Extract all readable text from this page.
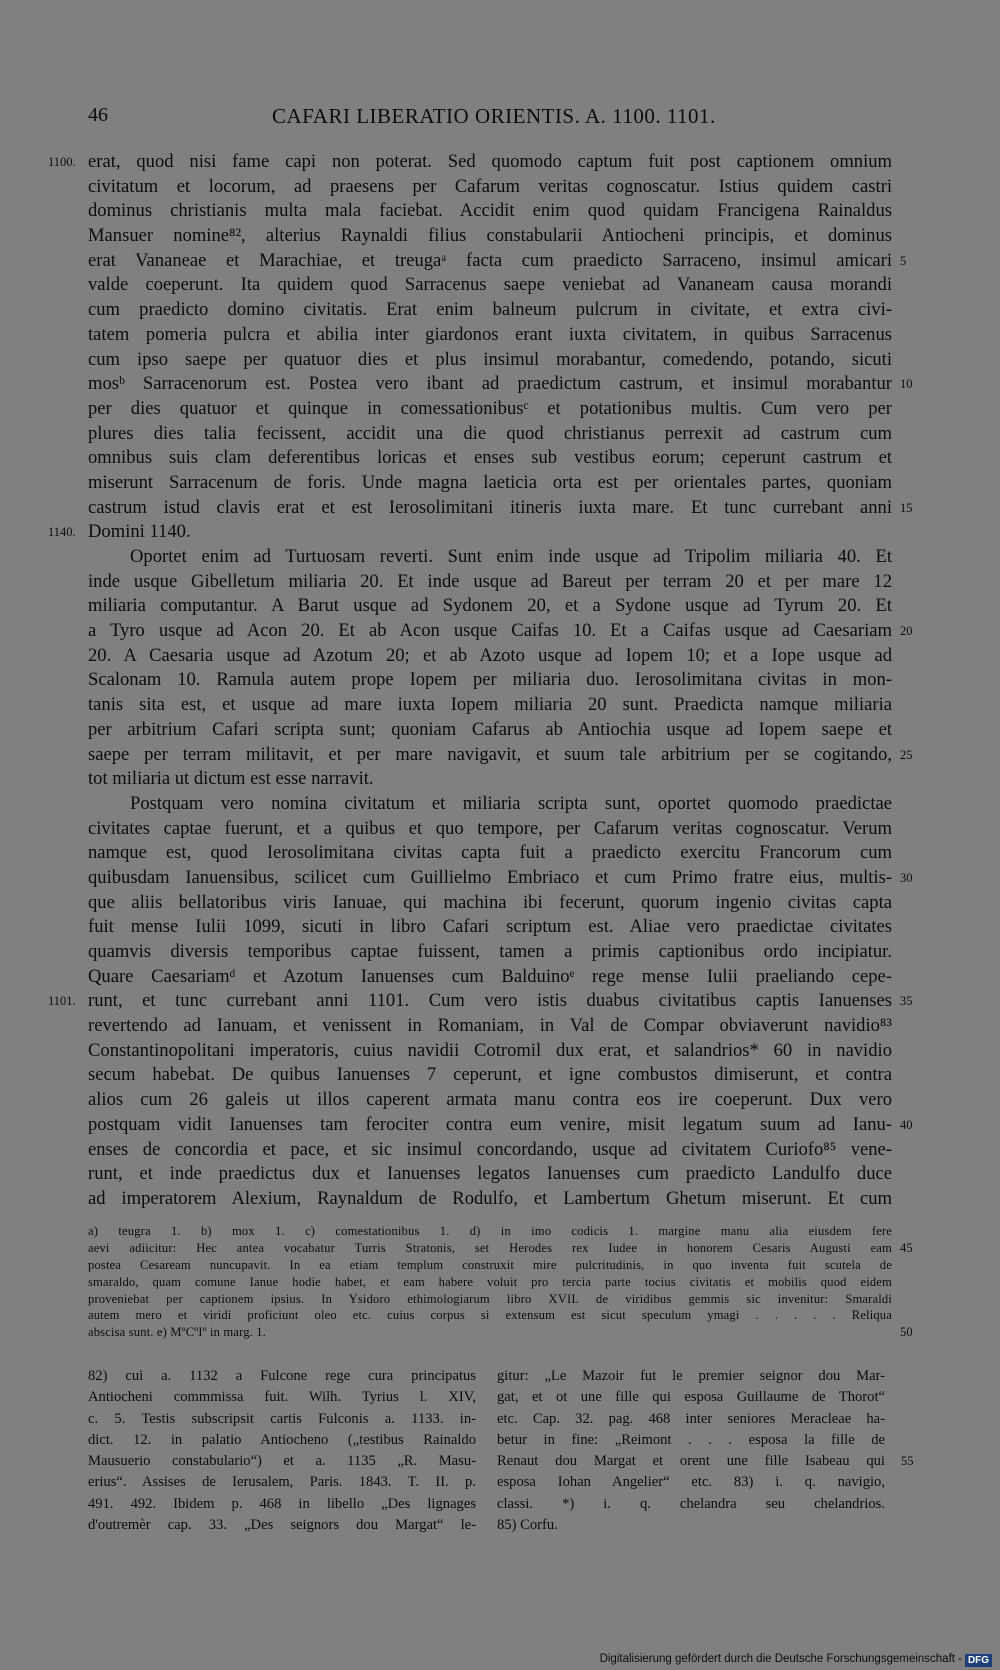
46	CAFARI LIBERATIO ORIENTIS. A. 1100. 1101.
erat, quod nisi fame capi non poterat. Sed quomodo captum fuit post captionem omnium
1100.
civitatum et locorum, ad praesens per Cafarum veritas cognoscatur. Istius quidem castri
dominus christianis multa mala faciebat. Accidit enim quod quidam Francigena Rainaldus
Mansuer nomine⁸², alterius Raynaldi filius constabularii Antiocheni principis, et dominus
erat Vananeae et Marachiae, et treugaᵃ facta cum praedicto Sarraceno, insimul amicari 5
valde coeperunt. Ita quidem quod Sarracenus saepe veniebat ad Vananeam causa morandi
cum praedicto domino civitatis. Erat enim balneum pulcrum in civitate, et extra civi-
tatem pomeria pulcra et abilia inter giardonos erant iuxta civitatem, in quibus Sarracenus
cum ipso saepe per quatuor dies et plus insimul morabantur, comedendo, potando, sicuti
mosᵇ Sarracenorum est. Postea vero ibant ad praedictum castrum, et insimul morabantur 10
per dies quatuor et quinque in comessationibusᶜ et potationibus multis. Cum vero per
plures dies talia fecissent, accidit una die quod christianus perrexit ad castrum cum
omnibus suis clam deferentibus loricas et enses sub vestibus eorum; ceperunt castrum et
miserunt Sarracenum de foris. Unde magna laeticia orta est per orientales partes, quoniam
castrum istud clavis erat et est Ierosolimitani itineris iuxta mare. Et tunc currebant anni 15
Domini 1140.
1140.
Oportet enim ad Turtuosam reverti. Sunt enim inde usque ad Tripolim miliaria 40. Et
inde usque Gibelletum miliaria 20. Et inde usque ad Bareut per terram 20 et per mare 12
miliaria computantur. A Barut usque ad Sydonem 20, et a Sydone usque ad Tyrum 20. Et
a Tyro usque ad Acon 20. Et ab Acon usque Caifas 10. Et a Caifas usque ad Caesariam 20
20. A Caesaria usque ad Azotum 20; et ab Azoto usque ad Iopem 10; et a Iope usque ad
Scalonam 10. Ramula autem prope Iopem per miliaria duo. Ierosolimitana civitas in mon-
tanis sita est, et usque ad mare iuxta Iopem miliaria 20 sunt. Praedicta namque miliaria
per arbitrium Cafari scripta sunt; quoniam Cafarus ab Antiochia usque ad Iopem saepe et
saepe per terram militavit, et per mare navigavit, et suum tale arbitrium per se cogitando, 25
tot miliaria ut dictum est esse narravit.
Postquam vero nomina civitatum et miliaria scripta sunt, oportet quomodo praedictae
civitates captae fuerunt, et a quibus et quo tempore, per Cafarum veritas cognoscatur. Verum
namque est, quod Ierosolimitana civitas capta fuit a praedicto exercitu Francorum cum
quibusdam Ianuensibus, scilicet cum Guillielmo Embriaco et cum Primo fratre eius, multis- 30
que aliis bellatoribus viris Ianuae, qui machina ibi fecerunt, quorum ingenio civitas capta
fuit mense Iulii 1099, sicuti in libro Cafari scriptum est. Aliae vero praedictae civitates
quamvis diversis temporibus captae fuissent, tamen a primis captionibus ordo incipiatur.
Quare Caesariamᵈ et Azotum Ianuenses cum Balduinoᵉ rege mense Iulii praeliando cepe-
runt, et tunc currebant anni 1101. Cum vero istis duabus civitatibus captis Ianuenses
1101.	35
revertendo ad Ianuam, et venissent in Romaniam, in Val de Compar obviaverunt navidio⁸³
Constantinopolitani imperatoris, cuius navidii Cotromil dux erat, et salandrios* 60 in navidio
secum habebat. De quibus Ianuenses 7 ceperunt, et igne combustos dimiserunt, et contra
alios cum 26 galeis ut illos caperent armata manu contra eos ire coeperunt. Dux vero
postquam vidit Ianuenses tam ferociter contra eum venire, misit legatum suum ad Ianu- 40
enses de concordia et pace, et sic insimul concordando, usque ad civitatem Curiofo⁸⁵ vene-
runt, et inde praedictus dux et Ianuenses legatos Ianuenses cum praedicto Landulfo duce
ad imperatorem Alexium, Raynaldum de Rodulfo, et Lambertum Ghetum miserunt. Et cum
a) teugra 1. b) mox 1. c) comestationibus 1. d) in imo codicis 1. margine manu alia eiusdem fere
aevi adiicitur: Hec antea vocabatur Turris Stratonis, set Herodes rex Iudee in honorem Cesaris Augusti eam 45
postea Cesaream nuncupavit. In ea etiam templum construxit mire pulcritudinis, in quo inventa fuit scutela de
smaraldo, quam comune Ianue hodie habet, et eam habere voluit pro tercia parte tocius civitatis et mobilis quod eidem
proveniebat per captionem ipsius. In Ysidoro ethimologiarum libro XVII. de viridibus gemmis sic invenitur: Smaraldi
autem mero et viridi proficiunt oleo etc. cuius corpus si extensum est sicut speculum ymagi . . . . . Reliqua
abscisa sunt. e) MºCºIº in marg. 1.	50
82) cui a. 1132 a Fulcone rege cura principatus
Antiocheni commmissa fuit. Wilh. Tyrius l. XIV,
c. 5. Testis subscripsit cartis Fulconis a. 1133. in-
dict. 12. in palatio Antiocheno („testibus Rainaldo
Mausuerio constabulario“) et a. 1135 „R. Masu-
erius“. Assises de Ierusalem, Paris. 1843. T. II. p.
491. 492. Ibidem p. 468 in libello „Des lignages
d'outremèr cap. 33. „Des seignors dou Margat“ le-
gitur: „Le Mazoir fut le premier seignor dou Mar-
gat, et ot une fille qui esposa Guillaume de Thorot“
etc. Cap. 32. pag. 468 inter seniores Meracleae ha-
betur in fine: „Reimont . . . esposa la fille de
Renaut dou Margat et orent une fille Isabeau qui 55
esposa Iohan Angelier“ etc. 83) i. q. navigio,
classi. *) i. q. chelandra seu chelandrios.
85) Corfu.
Digitalisierung gefördert durch die Deutsche Forschungsgemeinschaft - DFG
